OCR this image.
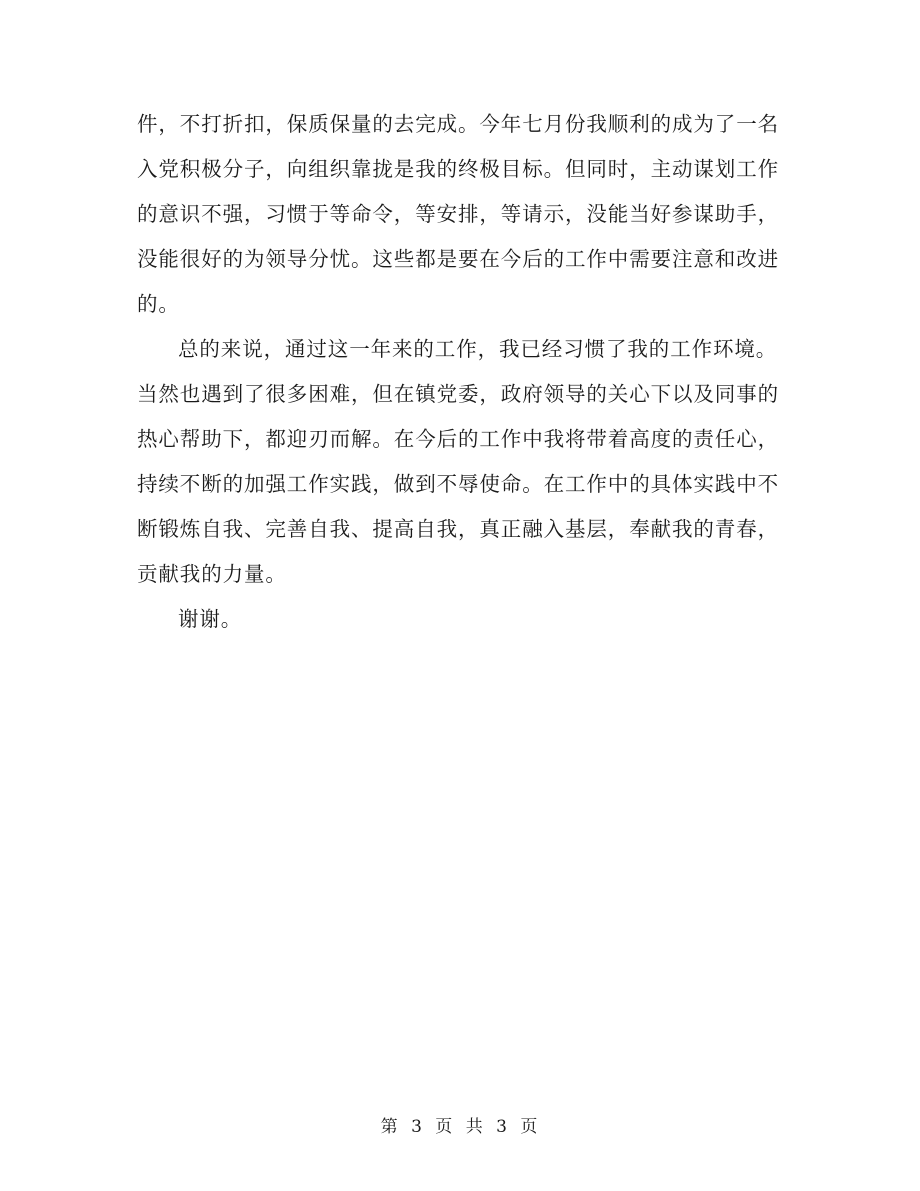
件，不打折扣，保质保量的去完成。今年七月份我顺利的成为了一名
入党积极分子，向组织靠拢是我的终极目标。但同时，主动谋划工作
的意识不强，习惯于等命令，等安排，等请示，没能当好参谋助手，
没能很好的为领导分忧。这些都是要在今后的工作中需要注意和改进
的。
总的来说，通过这一年来的工作，我已经习惯了我的工作环境。
当然也遇到了很多困难，但在镇党委，政府领导的关心下以及同事的
热心帮助下，都迎刃而解。在今后的工作中我将带着高度的责任心，
持续不断的加强工作实践，做到不辱使命。在工作中的具体实践中不
断锻炼自我、完善自我、提高自我，真正融入基层，奉献我的青春，
贡献我的力量。
谢谢。
第 3 页 共 3 页
